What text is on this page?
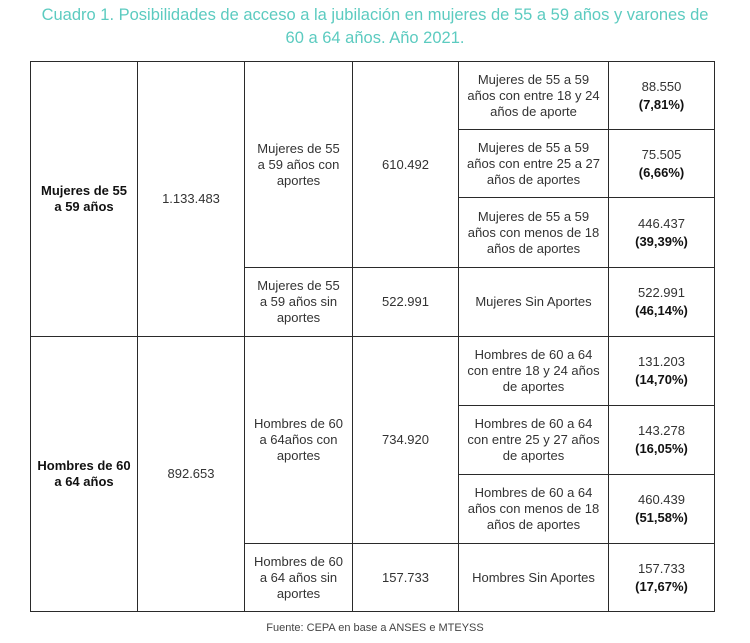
Cuadro 1. Posibilidades de acceso a la jubilación en mujeres de 55 a 59 años y varones de 60 a 64 años. Año 2021.
Mujeres de 55 a 59 años	1.133.483	Mujeres de 55 a 59 años con aportes	610.492	Mujeres de 55 a 59 años con entre 18 y 24 años de aporte	88.550
(7,81%)

				Mujeres de 55 a 59 años con entre 25 a 27 años de aportes	75.505
(6,66%)

				Mujeres de 55 a 59 años con menos de 18 años de aportes	446.437
(39,39%)

		Mujeres de 55 a 59 años sin aportes	522.991	Mujeres Sin Aportes	522.991
(46,14%)

Hombres de 60 a 64 años	892.653	Hombres de 60 a 64años con aportes	734.920	Hombres de 60 a 64 con entre 18 y 24 años de aportes	131.203
(14,70%)

				Hombres de 60 a 64 con entre 25 y 27 años de aportes	143.278
(16,05%)

				Hombres de 60 a 64 años con menos de 18 años de aportes	460.439
(51,58%)

		Hombres de 60 a 64 años sin aportes	157.733	Hombres Sin Aportes	157.733
(17,67%)
Fuente: CEPA en base a ANSES e MTEYSS
